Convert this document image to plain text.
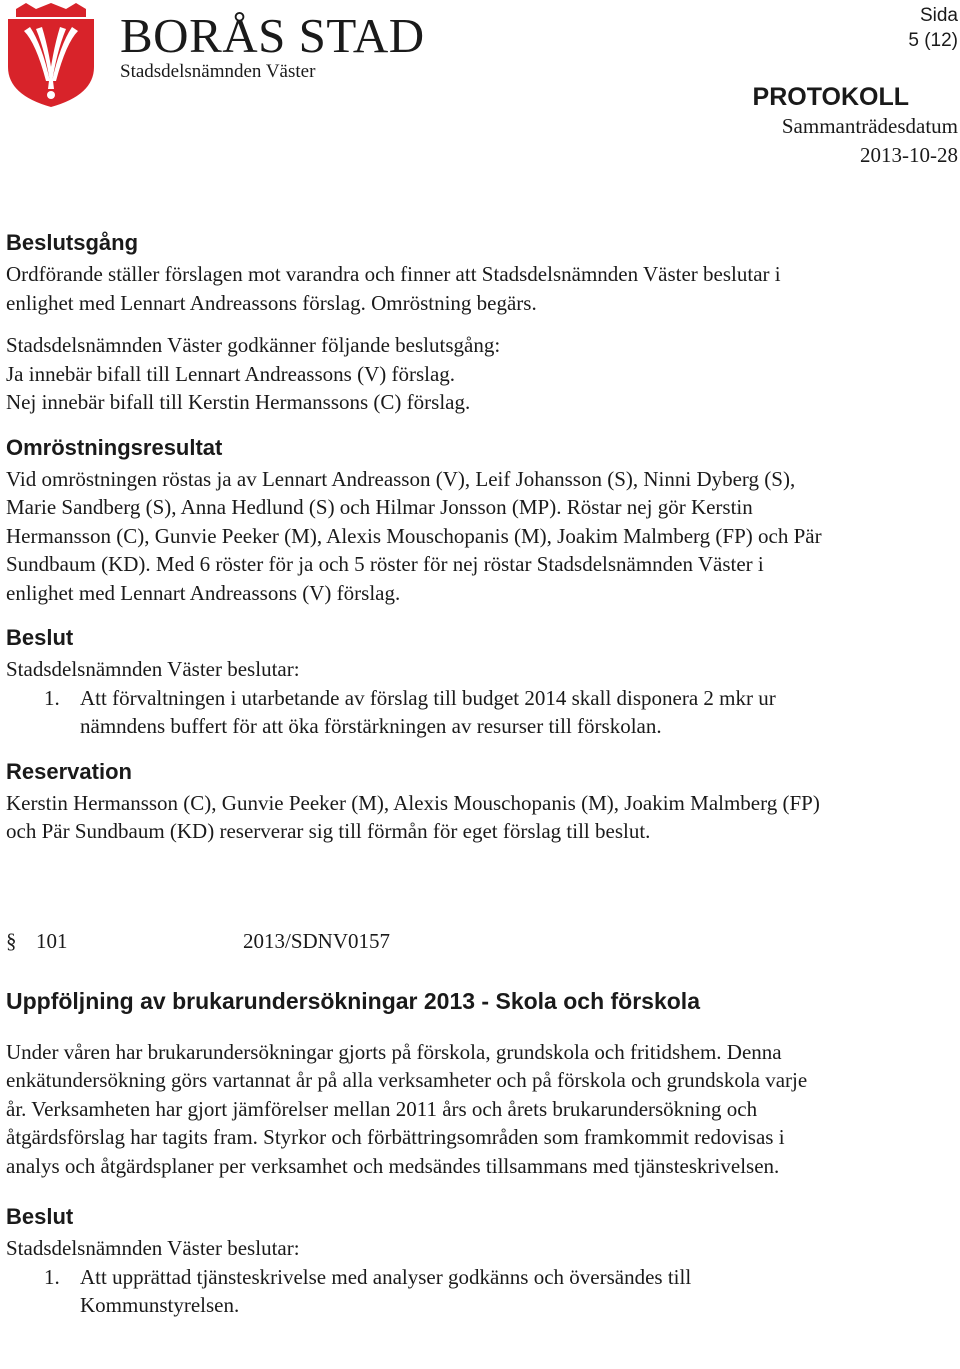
BORÅS STAD
Stadsdelsnämnden Väster
Sida
5 (12)
PROTOKOLL
Sammanträdesdatum
2013-10-28
Beslutsgång

Ordförande ställer förslagen mot varandra och finner att Stadsdelsnämnden Väster beslutar i

enlighet med Lennart Andreassons förslag. Omröstning begärs.

Stadsdelsnämnden Väster godkänner följande beslutsgång:

Ja innebär bifall till Lennart Andreassons (V) förslag.

Nej innebär bifall till Kerstin Hermanssons (C) förslag.

Omröstningsresultat

Vid omröstningen röstas ja av Lennart Andreasson (V), Leif Johansson (S), Ninni Dyberg (S),

Marie Sandberg (S), Anna Hedlund (S) och Hilmar Jonsson (MP). Röstar nej gör Kerstin

Hermansson (C), Gunvie Peeker (M), Alexis Mouschopanis (M), Joakim Malmberg (FP) och Pär

Sundbaum (KD). Med 6 röster för ja och 5 röster för nej röstar Stadsdelsnämnden Väster i

enlighet med Lennart Andreassons (V) förslag.

Beslut

Stadsdelsnämnden Väster beslutar:

1. Att förvaltningen i utarbetande av förslag till budget 2014 skall disponera 2 mkr ur
nämndens buffert för att öka förstärkningen av resurser till förskolan.
Reservation

Kerstin Hermansson (C), Gunvie Peeker (M), Alexis Mouschopanis (M), Joakim Malmberg (FP)

och Pär Sundbaum (KD) reserverar sig till förmån för eget förslag till beslut.

§ 101	2013/SDNV0157
Uppföljning av brukarundersökningar 2013 - Skola och förskola

Under våren har brukarundersökningar gjorts på förskola, grundskola och fritidshem. Denna

enkätundersökning görs vartannat år på alla verksamheter och på förskola och grundskola varje

år. Verksamheten har gjort jämförelser mellan 2011 års och årets brukarundersökning och

åtgärdsförslag har tagits fram. Styrkor och förbättringsområden som framkommit redovisas i

analys och åtgärdsplaner per verksamhet och medsändes tillsammans med tjänsteskrivelsen.

Beslut

Stadsdelsnämnden Väster beslutar:

1. Att upprättad tjänsteskrivelse med analyser godkänns och översändes till
Kommunstyrelsen.
